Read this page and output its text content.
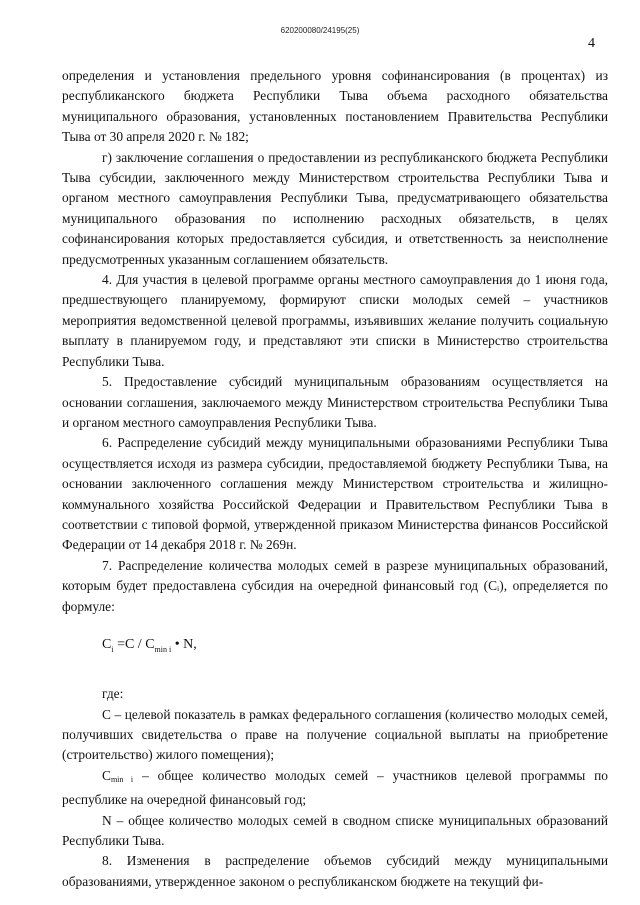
620200080/24195(25)
4

определения и установления предельного уровня софинансирования (в процентах) из республиканского бюджета Республики Тыва объема расходного обязательства муниципального образования, установленных постановлением Правительства Республики Тыва от 30 апреля 2020 г. № 182;

г) заключение соглашения о предоставлении из республиканского бюджета Республики Тыва субсидии, заключенного между Министерством строительства Республики Тыва и органом местного самоуправления Республики Тыва, предусматривающего обязательства муниципального образования по исполнению расходных обязательств, в целях софинансирования которых предоставляется субсидия, и ответственность за неисполнение предусмотренных указанным соглашением обязательств.

4. Для участия в целевой программе органы местного самоуправления до 1 июня года, предшествующего планируемому, формируют списки молодых семей – участников мероприятия ведомственной целевой программы, изъявивших желание получить социальную выплату в планируемом году, и представляют эти списки в Министерство строительства Республики Тыва.

5. Предоставление субсидий муниципальным образованиям осуществляется на основании соглашения, заключаемого между Министерством строительства Республики Тыва и органом местного самоуправления Республики Тыва.

6. Распределение субсидий между муниципальными образованиями Республики Тыва осуществляется исходя из размера субсидии, предоставляемой бюджету Республики Тыва, на основании заключенного соглашения между Министерством строительства и жилищно-коммунального хозяйства Российской Федерации и Правительством Республики Тыва в соответствии с типовой формой, утвержденной приказом Министерства финансов Российской Федерации от 14 декабря 2018 г. № 269н.

7. Распределение количества молодых семей в разрезе муниципальных образований, которым будет предоставлена субсидия на очередной финансовый год (Cᵢ), определяется по формуле:

$C_i =C / C_{min i}$ • N,

где:

C – целевой показатель в рамках федерального соглашения (количество молодых семей, получивших свидетельства о праве на получение социальной выплаты на приобретение (строительство) жилого помещения);

$C_{min i}$ – общее количество молодых семей – участников целевой программы по республике на очередной финансовый год;

N – общее количество молодых семей в сводном списке муниципальных образований Республики Тыва.

8. Изменения в распределение объемов субсидий между муниципальными образованиями, утвержденное законом о республиканском бюджете на текущий фи-
